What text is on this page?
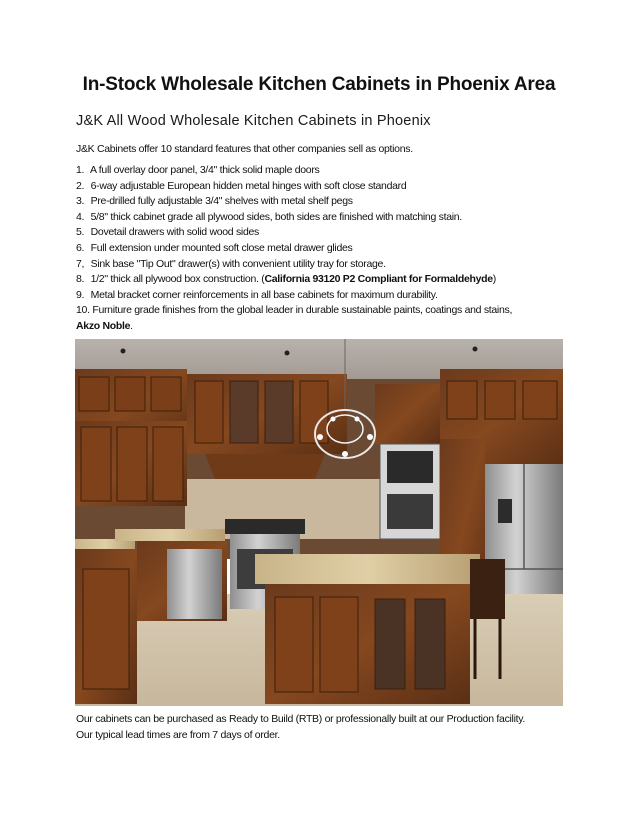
In-Stock Wholesale Kitchen Cabinets in Phoenix Area

J&K All Wood Wholesale Kitchen Cabinets in Phoenix

J&K Cabinets offer 10 standard features that other companies sell as options.

1. A full overlay door panel, 3/4" thick solid maple doors
2. 6-way adjustable European hidden metal hinges with soft close standard
3. Pre-drilled fully adjustable 3/4" shelves with metal shelf pegs
4. 5/8" thick cabinet grade all plywood sides, both sides are finished with matching stain.
5. Dovetail drawers with solid wood sides
6. Full extension under mounted soft close metal drawer glides
7, Sink base "Tip Out" drawer(s) with convenient utility tray for storage.
8. 1/2" thick all plywood box construction. (California 93120 P2 Compliant for Formaldehyde)
9. Metal bracket corner reinforcements in all base cabinets for maximum durability.
10. Furniture grade finishes from the global leader in durable sustainable paints, coatings and stains,
Akzo Noble.
Our cabinets can be purchased as Ready to Build (RTB) or professionally built at our Production facility.
Our typical lead times are from 7 days of order.
